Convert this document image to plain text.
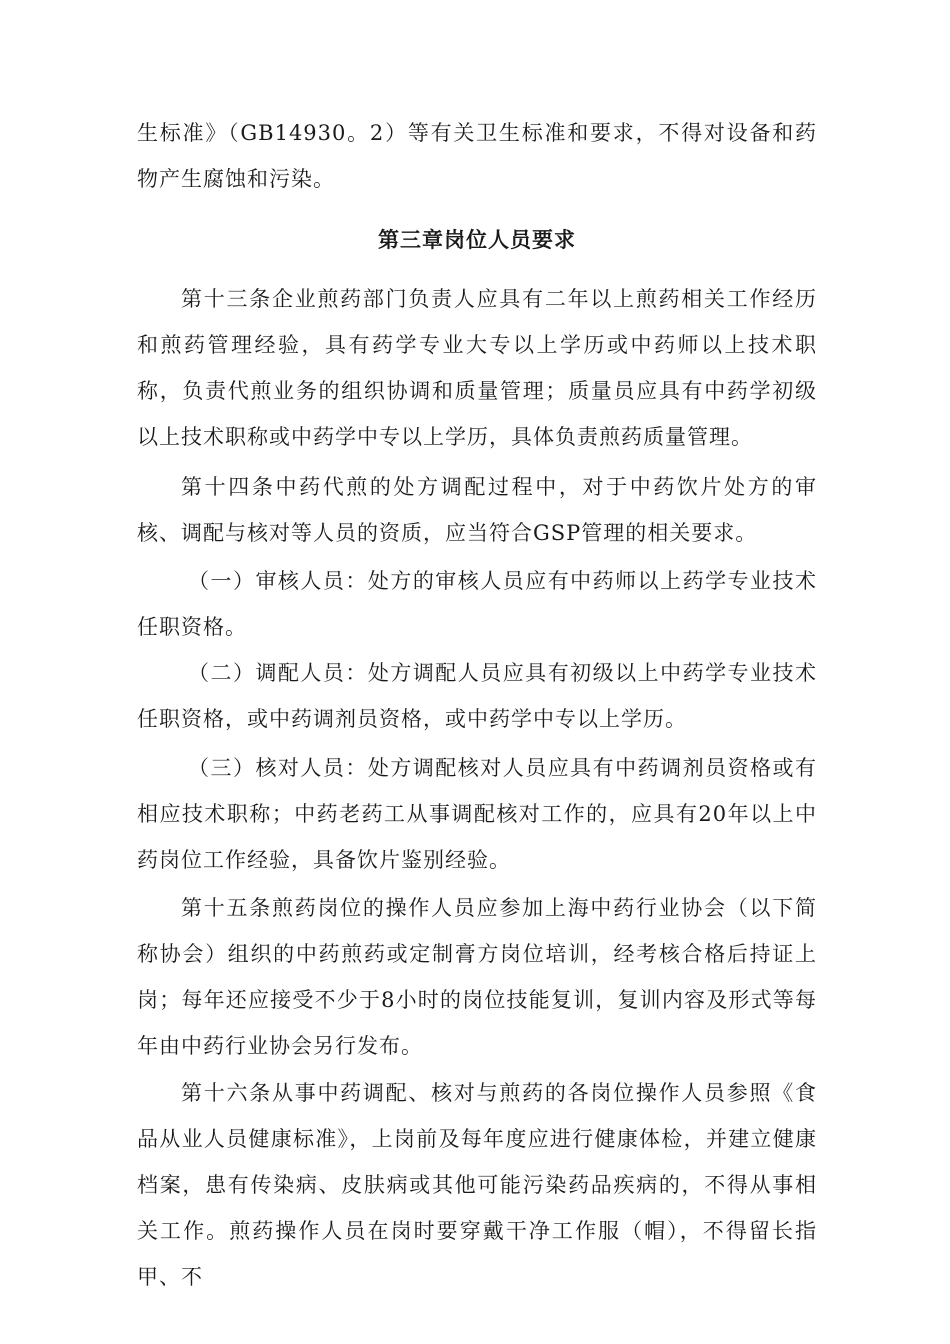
生标准》（GB14930。2）等有关卫生标准和要求，不得对设备和药物产生腐蚀和污染。

第三章岗位人员要求

第十三条企业煎药部门负责人应具有二年以上煎药相关工作经历和煎药管理经验，具有药学专业大专以上学历或中药师以上技术职称，负责代煎业务的组织协调和质量管理；质量员应具有中药学初级以上技术职称或中药学中专以上学历，具体负责煎药质量管理。

第十四条中药代煎的处方调配过程中，对于中药饮片处方的审核、调配与核对等人员的资质，应当符合GSP管理的相关要求。

（一）审核人员：处方的审核人员应有中药师以上药学专业技术任职资格。

（二）调配人员：处方调配人员应具有初级以上中药学专业技术任职资格，或中药调剂员资格，或中药学中专以上学历。

（三）核对人员：处方调配核对人员应具有中药调剂员资格或有相应技术职称；中药老药工从事调配核对工作的，应具有20年以上中药岗位工作经验，具备饮片鉴别经验。

第十五条煎药岗位的操作人员应参加上海中药行业协会（以下简称协会）组织的中药煎药或定制膏方岗位培训，经考核合格后持证上岗；每年还应接受不少于8小时的岗位技能复训，复训内容及形式等每年由中药行业协会另行发布。

第十六条从事中药调配、核对与煎药的各岗位操作人员参照《食品从业人员健康标准》，上岗前及每年度应进行健康体检，并建立健康档案，患有传染病、皮肤病或其他可能污染药品疾病的，不得从事相关工作。煎药操作人员在岗时要穿戴干净工作服（帽），不得留长指甲、不
